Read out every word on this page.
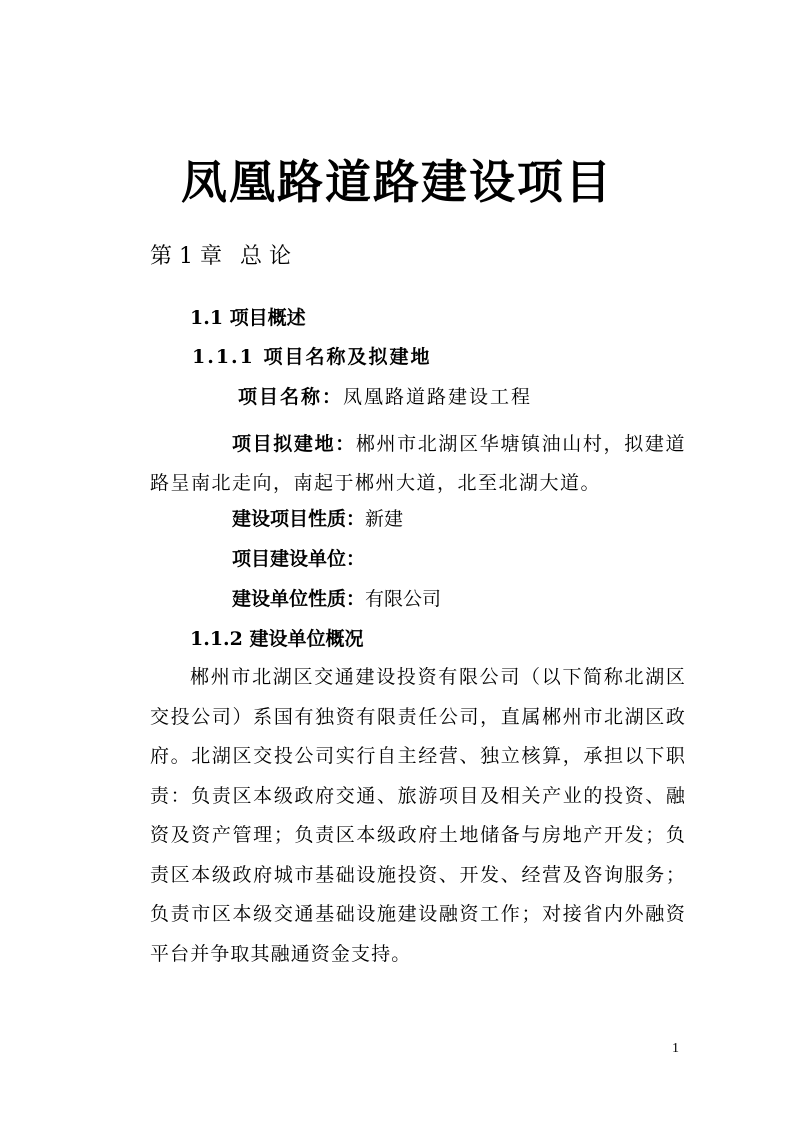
凤凰路道路建设项目
第 1 章 总 论
1.1 项目概述
1.1.1 项目名称及拟建地
项目名称：凤凰路道路建设工程
项目拟建地：郴州市北湖区华塘镇油山村，拟建道路呈南北走向，南起于郴州大道，北至北湖大道。
建设项目性质：新建
项目建设单位：
建设单位性质：有限公司
1.1.2 建设单位概况
郴州市北湖区交通建设投资有限公司（以下简称北湖区交投公司）系国有独资有限责任公司，直属郴州市北湖区政府。北湖区交投公司实行自主经营、独立核算，承担以下职责：负责区本级政府交通、旅游项目及相关产业的投资、融资及资产管理；负责区本级政府土地储备与房地产开发；负责区本级政府城市基础设施投资、开发、经营及咨询服务；负责市区本级交通基础设施建设融资工作；对接省内外融资平台并争取其融通资金支持。
1
